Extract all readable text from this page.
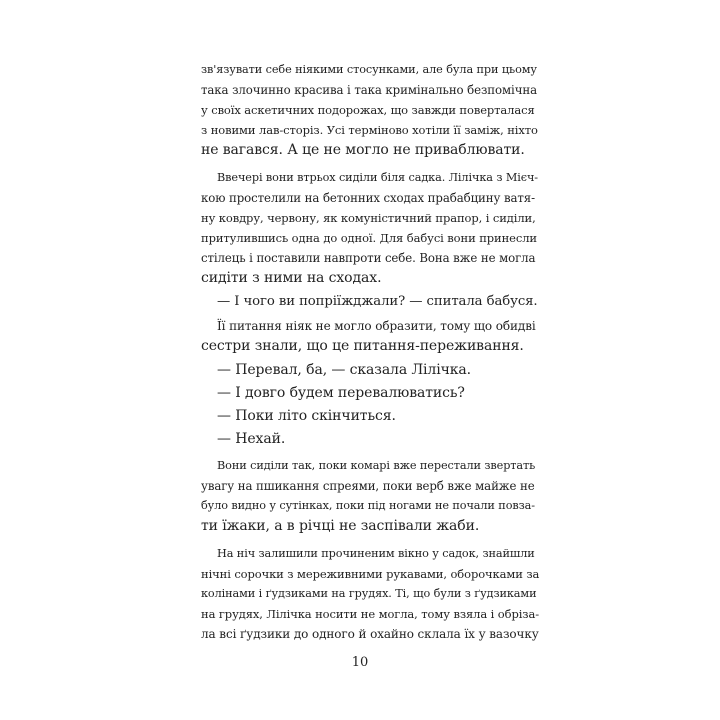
зв'язувати себе ніякими стосунками, але була при цьому
така злочинно красива і така кримінально безпомічна
у своїх аскетичних подорожах, що завжди поверталася
з новими лав-сторіз. Усі терміново хотіли її заміж, ніхто
не вагався. А це не могло не приваблювати.
Ввечері вони втрьох сиділи біля садка. Лілічка з Мієч-
кою простелили на бетонних сходах прабабцину ватя-
ну ковдру, червону, як комуністичний прапор, і сиділи,
притулившись одна до одної. Для бабусі вони принесли
стілець і поставили навпроти себе. Вона вже не могла
сидіти з ними на сходах.
— І чого ви попріїжджали? — спитала бабуся.
Її питання ніяк не могло образити, тому що обидві
сестри знали, що це питання-переживання.
— Перевал, ба, — сказала Лілічка.
— І довго будем перевалюватись?
— Поки літо скінчиться.
— Нехай.
Вони сиділи так, поки комарі вже перестали звертать
увагу на пшикання спреями, поки верб вже майже не
було видно у сутінках, поки під ногами не почали повза-
ти їжаки, а в річці не заспівали жаби.
На ніч залишили прочиненим вікно у садок, знайшли
нічні сорочки з мереживними рукавами, оборочками за
колінами і ґудзиками на грудях. Ті, що були з ґудзиками
на грудях, Лілічка носити не могла, тому взяла і обріза-
ла всі ґудзики до одного й охайно склала їх у вазочку
10
